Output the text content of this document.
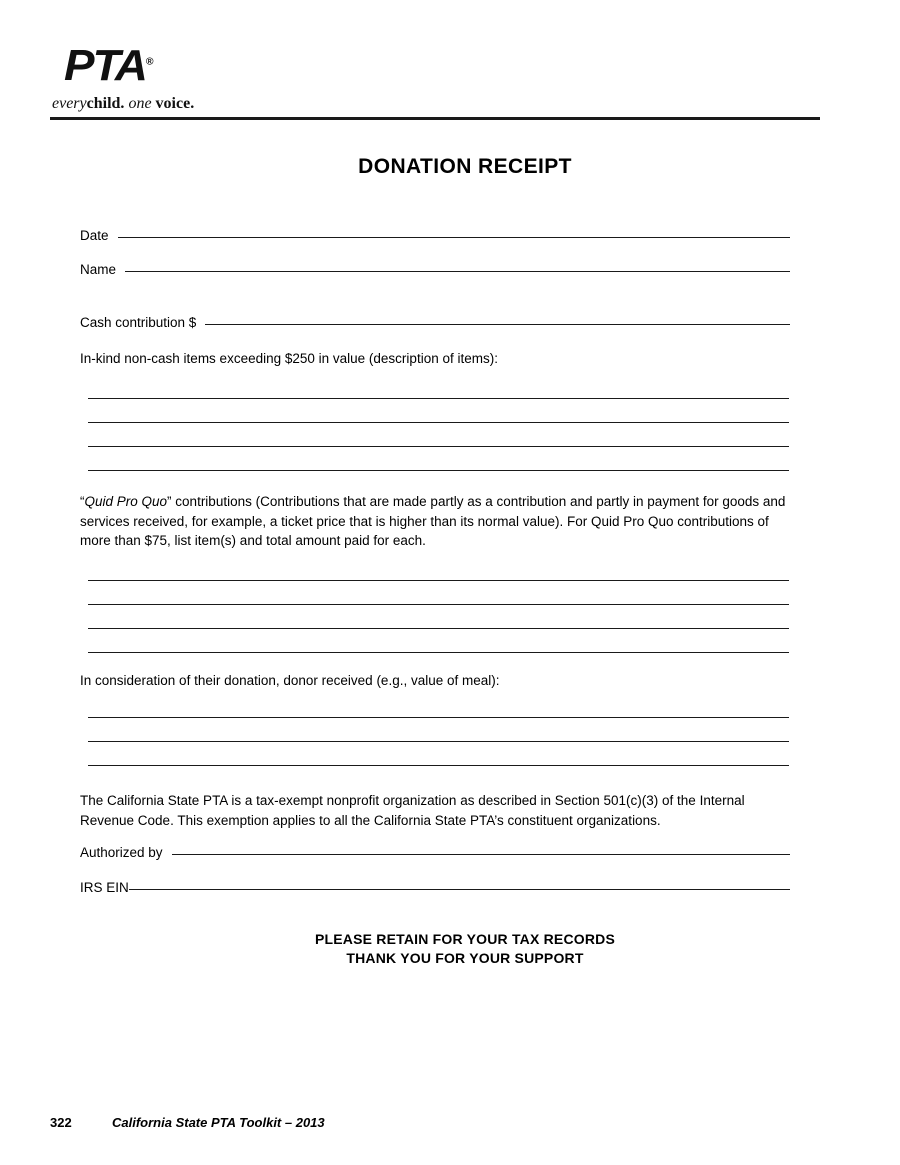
PTA®
everychild. one voice.
DONATION RECEIPT
Date
Name
Cash contribution $
In-kind non-cash items exceeding $250 in value (description of items):
“Quid Pro Quo” contributions (Contributions that are made partly as a contribution and partly in payment for goods and services received, for example, a ticket price that is higher than its normal value). For Quid Pro Quo contributions of more than $75, list item(s) and total amount paid for each.
In consideration of their donation, donor received (e.g., value of meal):
The California State PTA is a tax-exempt nonprofit organization as described in Section 501(c)(3) of the Internal Revenue Code. This exemption applies to all the California State PTA’s constituent organizations.
Authorized by
IRS EIN
PLEASE RETAIN FOR YOUR TAX RECORDS
THANK YOU FOR YOUR SUPPORT
322	California State PTA Toolkit – 2013
